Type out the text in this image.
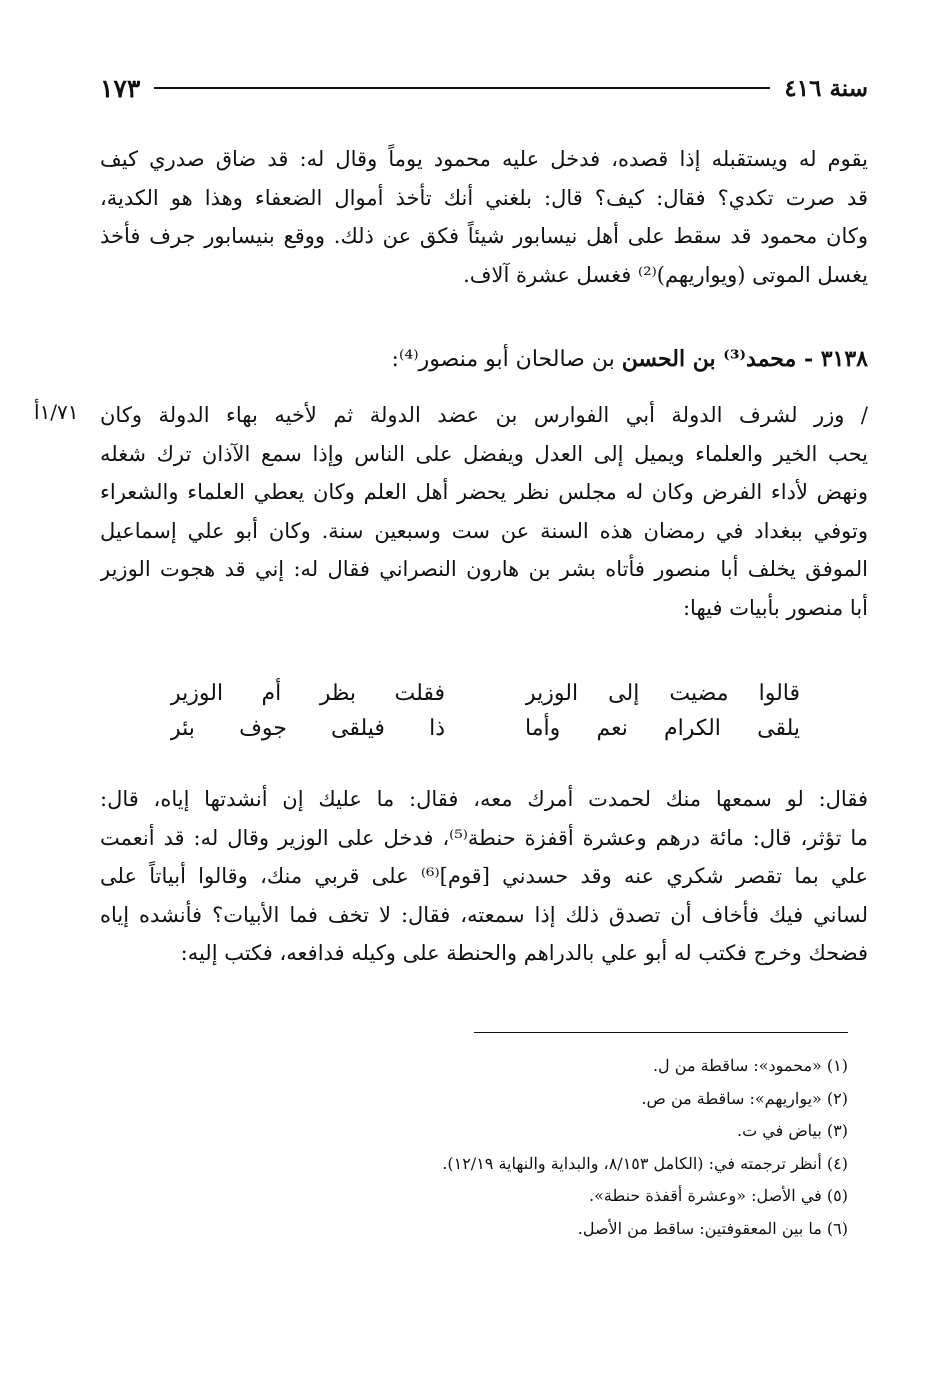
سنة ٤١٦
١٧٣
يقوم له ويستقبله إذا قصده، فدخل عليه محمود يوماً وقال له: قد ضاق صدري كيف
قد صرت تكدي؟ فقال: كيف؟ قال: بلغني أنك تأخذ أموال الضعفاء وهذا هو الكدية،
وكان محمود قد سقط على أهل نيسابور شيئاً فكق عن ذلك. ووقع بنيسابور جرف فأخذ
يغسل الموتى (ويواريهم)⁽²⁾ فغسل عشرة آلاف.
٣١٣٨ - محمد⁽³⁾ بن الحسن بن صالحان أبو منصور⁽⁴⁾:
١/٧١أ	/ وزر لشرف الدولة أبي الفوارس بن عضد الدولة ثم لأخيه بهاء الدولة وكان
يحب الخير والعلماء ويميل إلى العدل ويفضل على الناس وإذا سمع الآذان ترك شغله
ونهض لأداء الفرض وكان له مجلس نظر يحضر أهل العلم وكان يعطي العلماء والشعراء
وتوفي ببغداد في رمضان هذه السنة عن ست وسبعين سنة. وكان أبو علي إسماعيل
الموفق يخلف أبا منصور فأتاه بشر بن هارون النصراني فقال له: إني قد هجوت الوزير
أبا منصور بأبيات فيها:
قالوا مضيت إلى الوزير
فقلت بظر أم الوزير
يلقى الكرام نعم وأما
ذا فيلقى جوف بئر
فقال: لو سمعها منك لحمدت أمرك معه، فقال: ما عليك إن أنشدتها إياه، قال:
ما تؤثر، قال: مائة درهم وعشرة أقفزة حنطة⁽⁵⁾، فدخل على الوزير وقال له: قد أنعمت
علي بما تقصر شكري عنه وقد حسدني [قوم]⁽⁶⁾ على قربي منك، وقالوا أبياتاً على
لساني فيك فأخاف أن تصدق ذلك إذا سمعته، فقال: لا تخف فما الأبيات؟ فأنشده إياه
فضحك وخرج فكتب له أبو علي بالدراهم والحنطة على وكيله فدافعه، فكتب إليه:
(١) «محمود»: ساقطة من ل.
(٢) «يواريهم»: ساقطة من ص.
(٣) بياض في ت.
(٤) أنظر ترجمته في: (الكامل ٨/١٥٣، والبداية والنهاية ١٢/١٩).
(٥) في الأصل: «وعشرة أقفذة حنطة».
(٦) ما بين المعقوفتين: ساقط من الأصل.
